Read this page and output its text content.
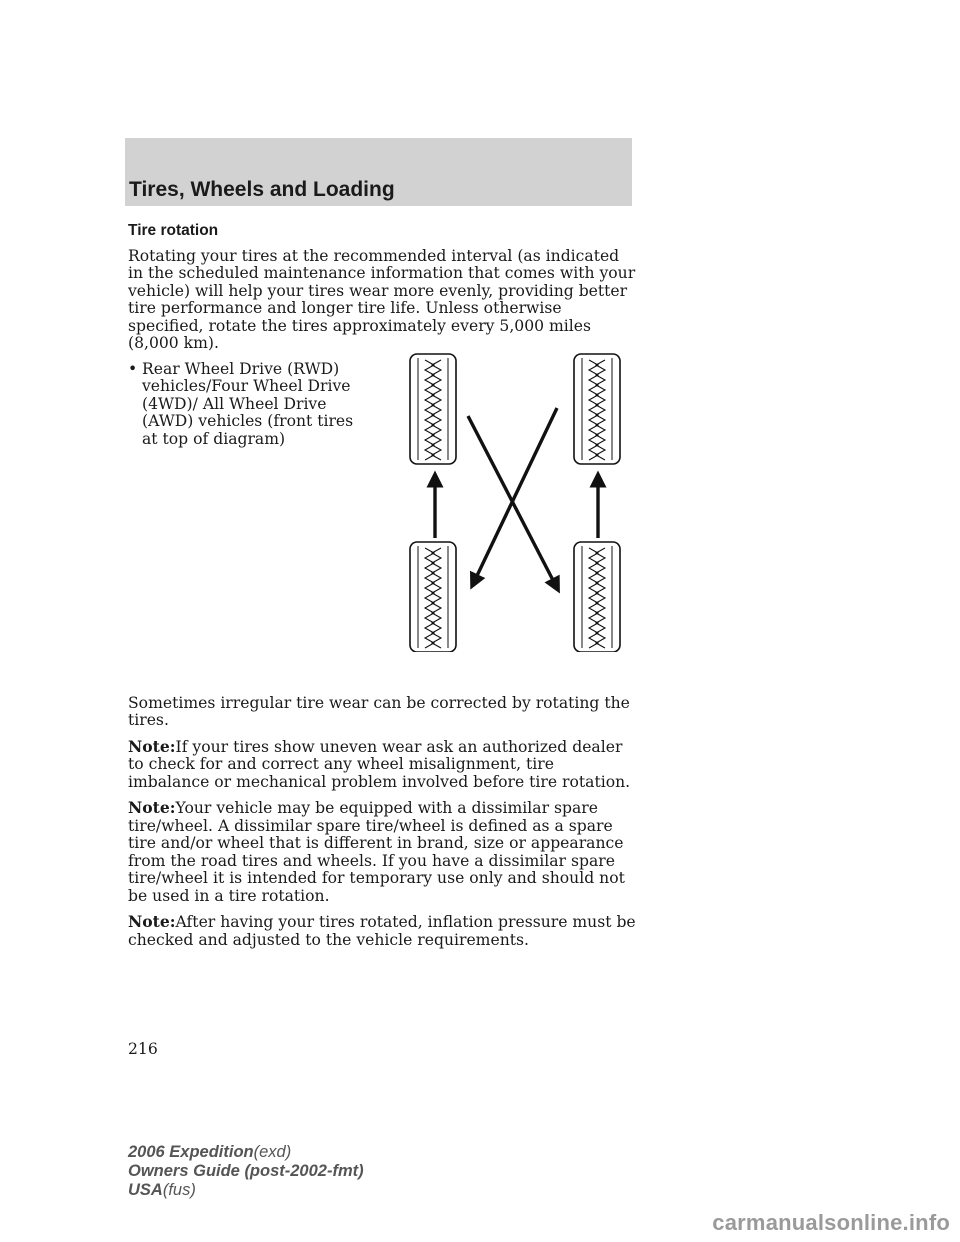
Tires, Wheels and Loading
Tire rotation

Rotating your tires at the recommended interval (as indicated in the scheduled maintenance information that comes with your vehicle) will help your tires wear more evenly, providing better tire performance and longer tire life. Unless otherwise specified, rotate the tires approximately every 5,000 miles (8,000 km).

• Rear Wheel Drive (RWD) vehicles/Four Wheel Drive (4WD)/ All Wheel Drive (AWD) vehicles (front tires at top of diagram)

Sometimes irregular tire wear can be corrected by rotating the tires.

Note:If your tires show uneven wear ask an authorized dealer to check for and correct any wheel misalignment, tire imbalance or mechanical problem involved before tire rotation.

Note:Your vehicle may be equipped with a dissimilar spare tire/wheel. A dissimilar spare tire/wheel is defined as a spare tire and/or wheel that is different in brand, size or appearance from the road tires and wheels. If you have a dissimilar spare tire/wheel it is intended for temporary use only and should not be used in a tire rotation.

Note:After having your tires rotated, inflation pressure must be checked and adjusted to the vehicle requirements.

216
2006 Expedition(exd)
Owners Guide (post-2002-fmt)
USA(fus)
carmanualsonline.info
